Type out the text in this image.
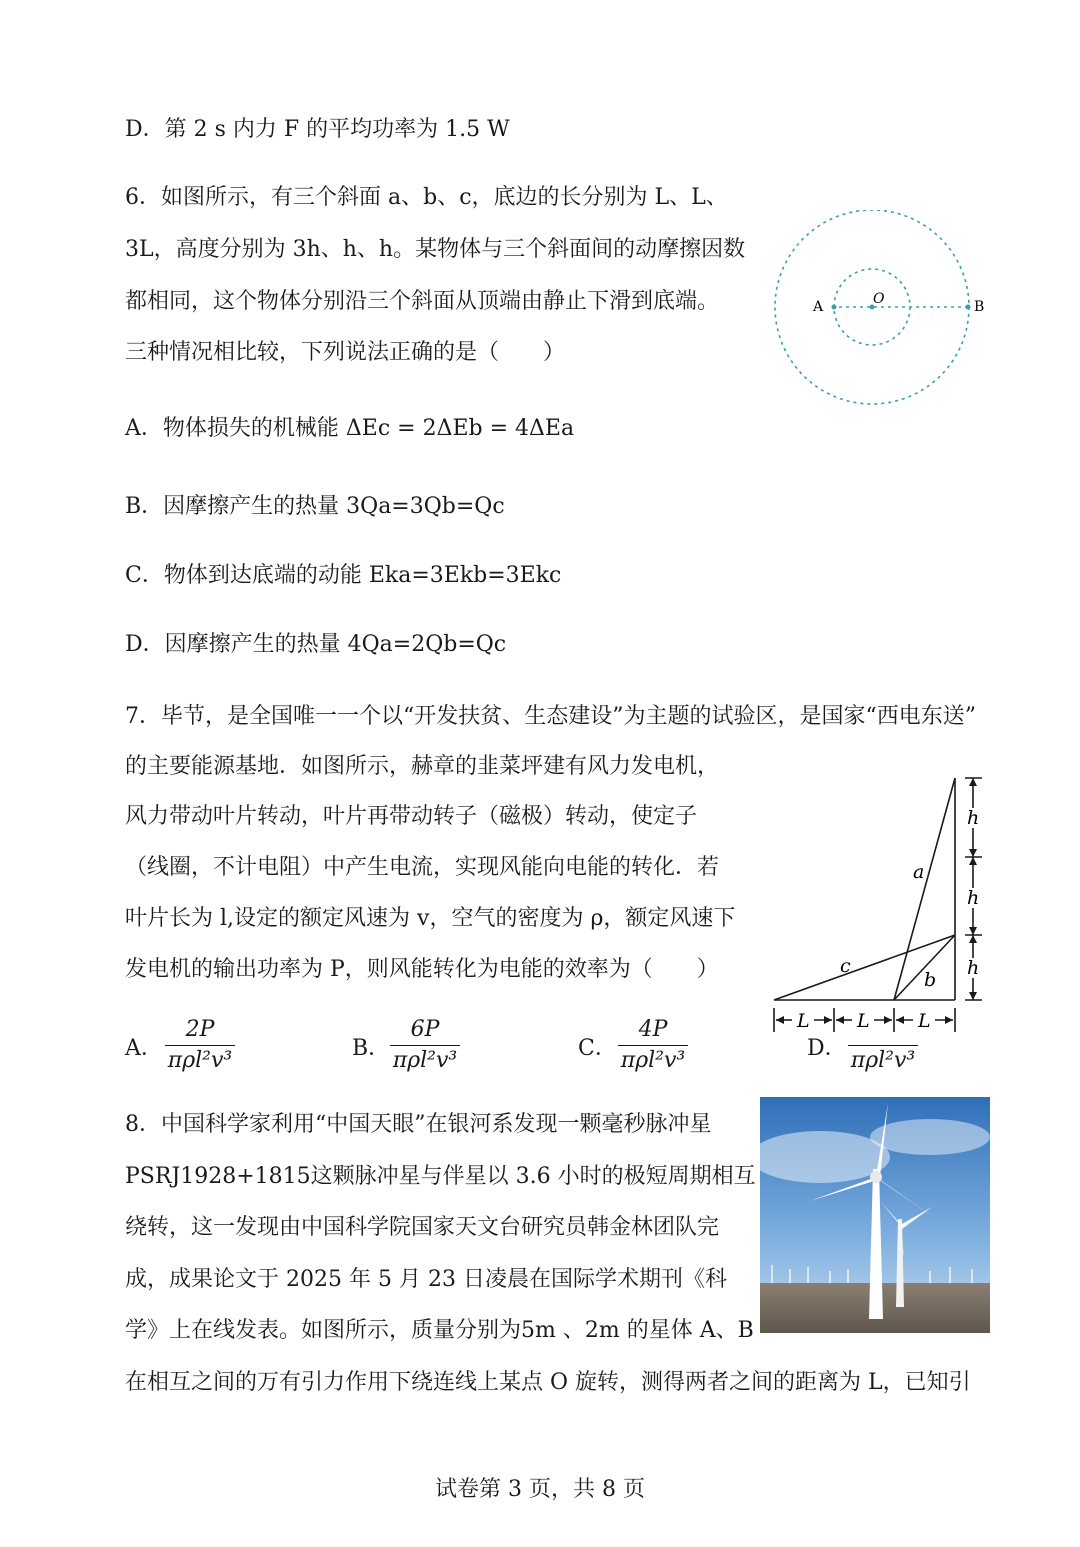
D．第 2 s 内力 F 的平均功率为 1.5 W
6．如图所示，有三个斜面 a、b、c，底边的长分别为 L、L、
3L，高度分别为 3h、h、h。某物体与三个斜面间的动摩擦因数
都相同，这个物体分别沿三个斜面从顶端由静止下滑到底端。
三种情况相比较，下列说法正确的是（　　）
A．物体损失的机械能 ΔEc = 2ΔEb = 4ΔEa
B．因摩擦产生的热量 3Qa=3Qb=Qc
C．物体到达底端的动能 Eka=3Ekb=3Ekc
D．因摩擦产生的热量 4Qa=2Qb=Qc
A	O	B
7．毕节，是全国唯一一个以“开发扶贫、生态建设”为主题的试验区，是国家“西电东送”
的主要能源基地．如图所示，赫章的韭菜坪建有风力发电机，
风力带动叶片转动，叶片再带动转子（磁极）转动，使定子
（线圈，不计电阻）中产生电流，实现风能向电能的转化．若
叶片长为 l,设定的额定风速为 v，空气的密度为 ρ，额定风速下
发电机的输出功率为 P，则风能转化为电能的效率为（　　）
A．
2P
πρl²v³	B．
6P
πρl²v³	C．
4P
πρl²v³	D． πρl²v³
h
h
h
a
b
c
L L	L
8．中国科学家利用“中国天眼”在银河系发现一颗毫秒脉冲星
PSRJ1928+1815这颗脉冲星与伴星以 3.6 小时的极短周期相互
绕转，这一发现由中国科学院国家天文台研究员韩金林团队完
成，成果论文于 2025 年 5 月 23 日凌晨在国际学术期刊《科
学》上在线发表。如图所示，质量分别为5m 、2m 的星体 A、B
在相互之间的万有引力作用下绕连线上某点 O 旋转，测得两者之间的距离为 L，已知引
试卷第 3 页，共 8 页
